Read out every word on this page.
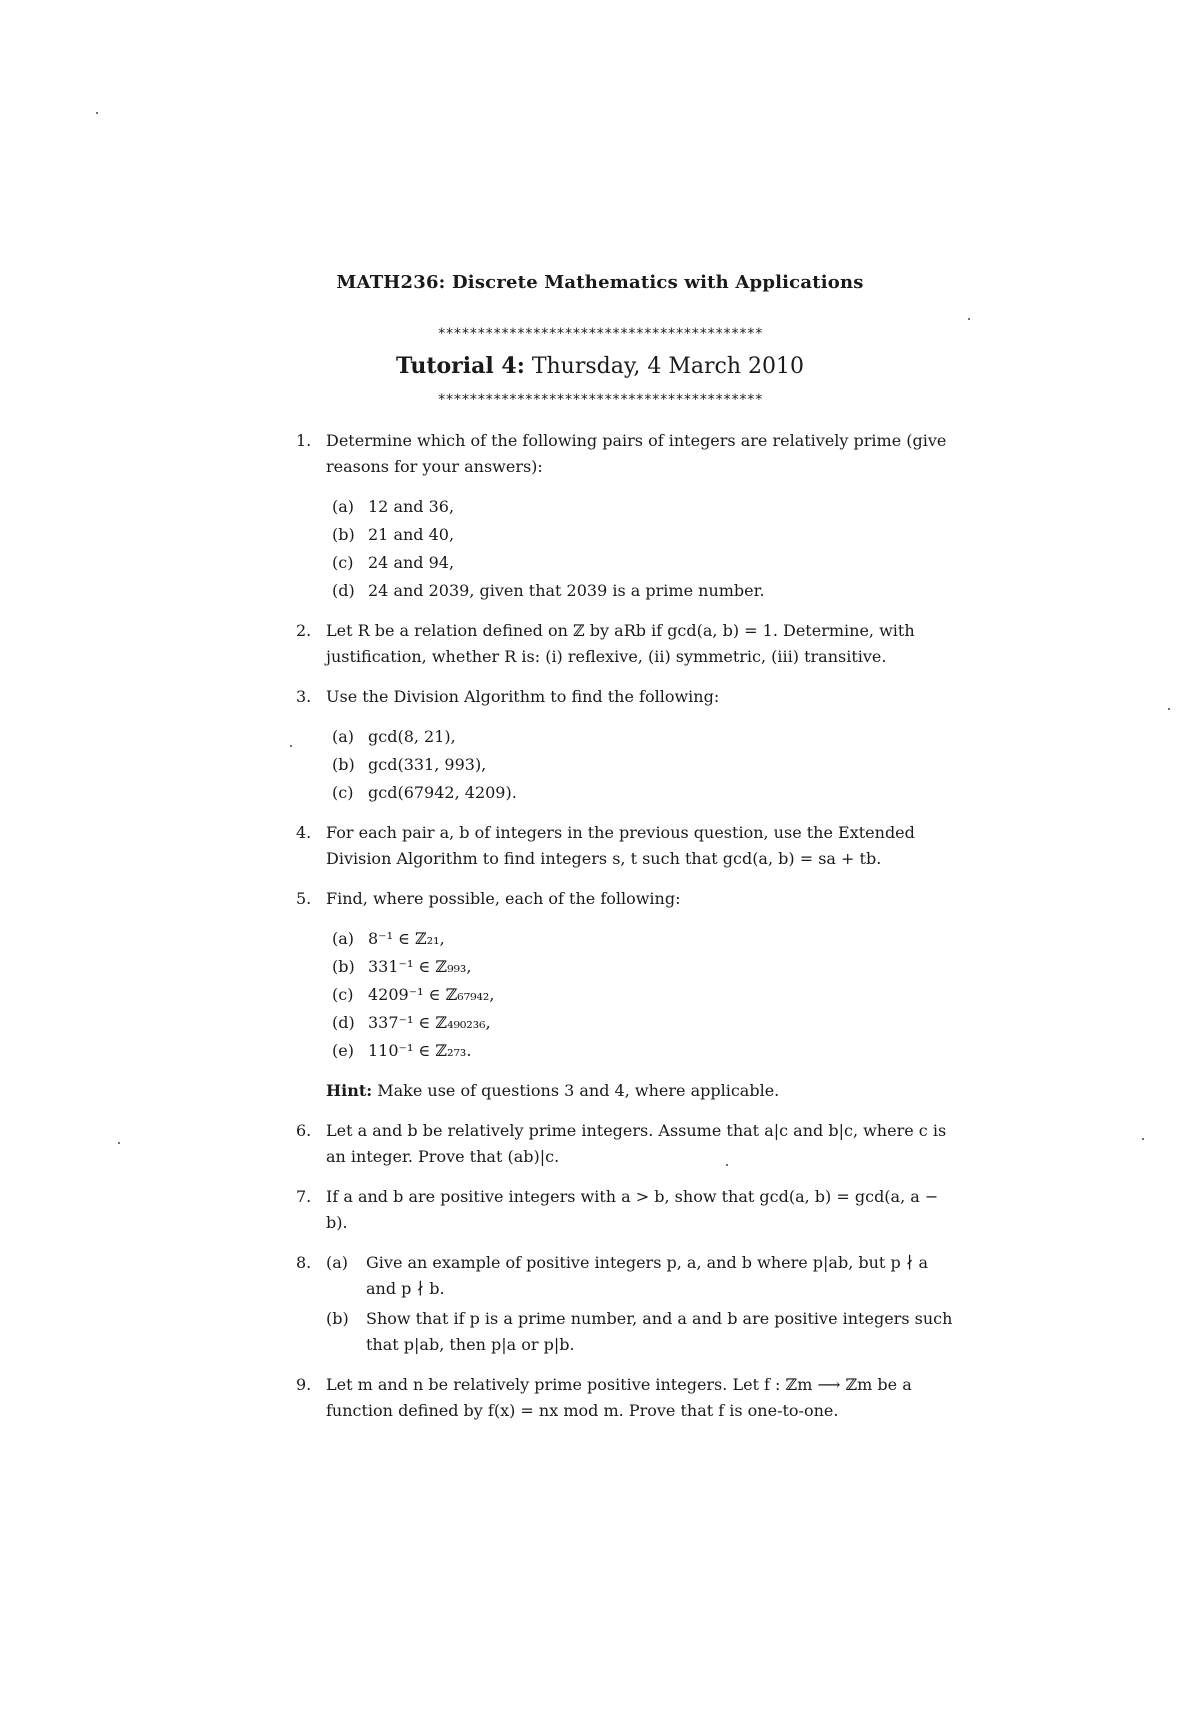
MATH236: Discrete Mathematics with Applications
*****************************************
Tutorial 4: Thursday, 4 March 2010
*****************************************
1. Determine which of the following pairs of integers are relatively prime (give reasons for your answers):
(a) 12 and 36,
(b) 21 and 40,
(c) 24 and 94,
(d) 24 and 2039, given that 2039 is a prime number.
2. Let R be a relation defined on ℤ by aRb if gcd(a, b) = 1. Determine, with justification, whether R is: (i) reflexive, (ii) symmetric, (iii) transitive.
3. Use the Division Algorithm to find the following:
(a) gcd(8, 21),
(b) gcd(331, 993),
(c) gcd(67942, 4209).
4. For each pair a, b of integers in the previous question, use the Extended Division Algorithm to find integers s, t such that gcd(a, b) = sa + tb.
5. Find, where possible, each of the following:
(a) 8⁻¹ ∈ ℤ₂₁,
(b) 331⁻¹ ∈ ℤ₉₉₃,
(c) 4209⁻¹ ∈ ℤ₆₇₉₄₂,
(d) 337⁻¹ ∈ ℤ₄₉₀₂₃₆,
(e) 110⁻¹ ∈ ℤ₂₇₃.
Hint: Make use of questions 3 and 4, where applicable.
6. Let a and b be relatively prime integers. Assume that a|c and b|c, where c is an integer. Prove that (ab)|c.
7. If a and b are positive integers with a > b, show that gcd(a, b) = gcd(a, a − b).
8. (a) Give an example of positive integers p, a, and b where p|ab, but p ∤ a and p ∤ b.
(b) Show that if p is a prime number, and a and b are positive integers such that p|ab, then p|a or p|b.
9. Let m and n be relatively prime positive integers. Let f : ℤm ⟶ ℤm be a function defined by f(x) = nx mod m. Prove that f is one-to-one.
